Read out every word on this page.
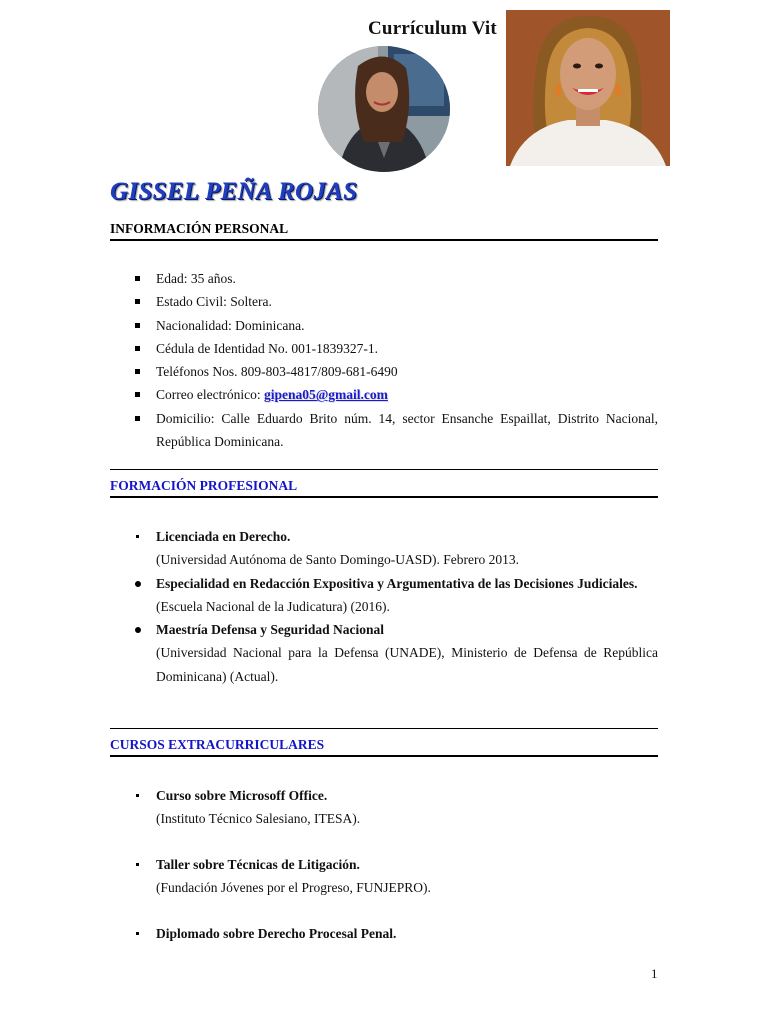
Currículum Vit
GISSEL PEÑA ROJAS
INFORMACIÓN PERSONAL
Edad: 35 años.
Estado Civil: Soltera.
Nacionalidad: Dominicana.
Cédula de Identidad No. 001-1839327-1.
Teléfonos Nos. 809-803-4817/809-681-6490
Correo electrónico: gipena05@gmail.com
Domicilio: Calle Eduardo Brito núm. 14, sector Ensanche Espaillat, Distrito Nacional, República Dominicana.
FORMACIÓN PROFESIONAL
Licenciada en Derecho.
(Universidad Autónoma de Santo Domingo-UASD). Febrero 2013.
Especialidad en Redacción Expositiva y Argumentativa de las Decisiones Judiciales.
(Escuela Nacional de la Judicatura) (2016).
Maestría Defensa y Seguridad Nacional
(Universidad Nacional para la Defensa (UNADE), Ministerio de Defensa de República Dominicana) (Actual).
CURSOS EXTRACURRICULARES
Curso sobre Microsoff Office.
(Instituto Técnico Salesiano, ITESA).
Taller sobre Técnicas de Litigación.
(Fundación Jóvenes por el Progreso, FUNJEPRO).
Diplomado sobre Derecho Procesal Penal.
1
